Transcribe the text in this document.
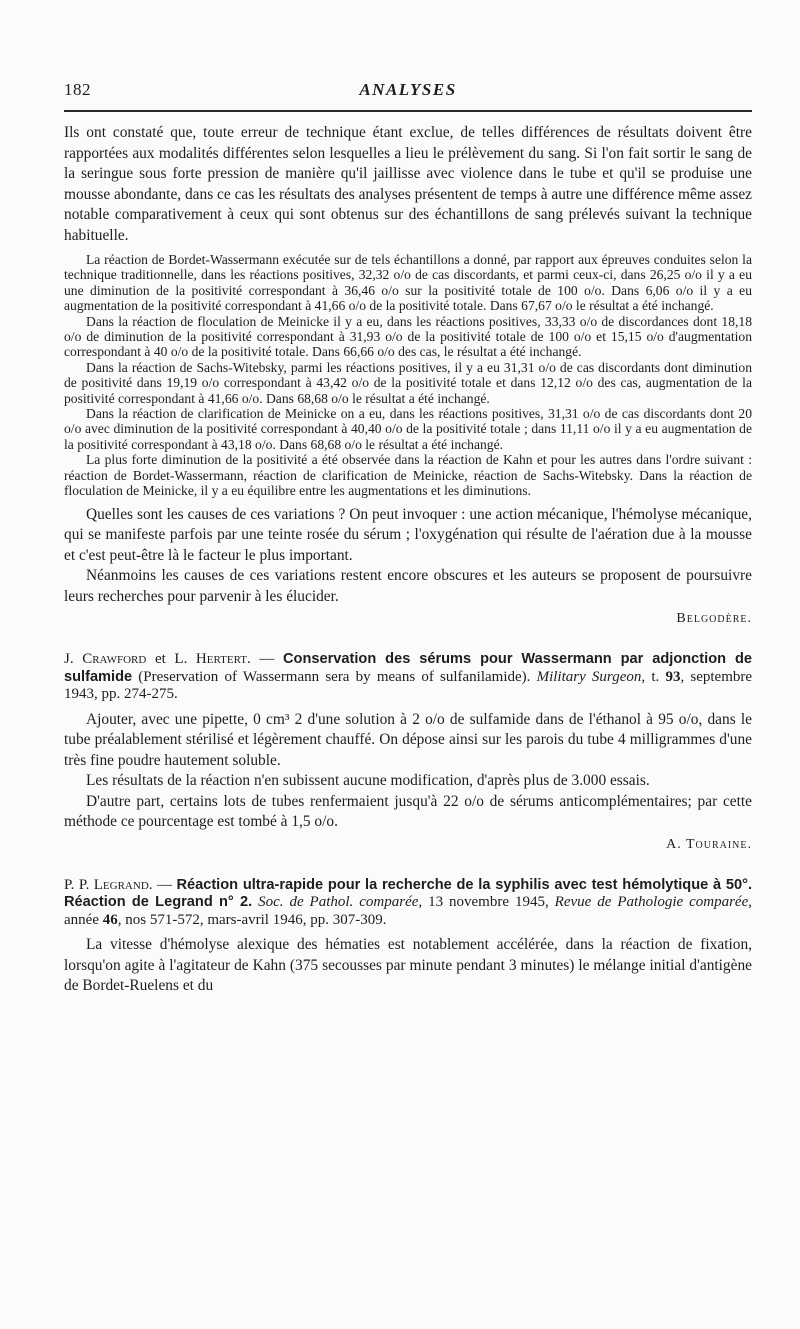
182	ANALYSES

Ils ont constaté que, toute erreur de technique étant exclue, de telles différences de résultats doivent être rapportées aux modalités différentes selon lesquelles a lieu le prélèvement du sang. Si l'on fait sortir le sang de la seringue sous forte pression de manière qu'il jaillisse avec violence dans le tube et qu'il se produise une mousse abondante, dans ce cas les résultats des analyses présentent de temps à autre une différence même assez notable comparativement à ceux qui sont obtenus sur des échantillons de sang prélevés suivant la technique habituelle.

La réaction de Bordet-Wassermann exécutée sur de tels échantillons a donné, par rapport aux épreuves conduites selon la technique traditionnelle, dans les réactions positives, 32,32 o/o de cas discordants, et parmi ceux-ci, dans 26,25 o/o il y a eu une diminution de la positivité correspondant à 36,46 o/o sur la positivité totale de 100 o/o. Dans 6,06 o/o il y a eu augmentation de la positivité correspondant à 41,66 o/o de la positivité totale. Dans 67,67 o/o le résultat a été inchangé.

Dans la réaction de floculation de Meinicke il y a eu, dans les réactions positives, 33,33 o/o de discordances dont 18,18 o/o de diminution de la positivité correspondant à 31,93 o/o de la positivité totale de 100 o/o et 15,15 o/o d'augmentation correspondant à 40 o/o de la positivité totale. Dans 66,66 o/o des cas, le résultat a été inchangé.

Dans la réaction de Sachs-Witebsky, parmi les réactions positives, il y a eu 31,31 o/o de cas discordants dont diminution de positivité dans 19,19 o/o correspondant à 43,42 o/o de la positivité totale et dans 12,12 o/o des cas, augmentation de la positivité correspondant à 41,66 o/o. Dans 68,68 o/o le résultat a été inchangé.

Dans la réaction de clarification de Meinicke on a eu, dans les réactions positives, 31,31 o/o de cas discordants dont 20 o/o avec diminution de la positivité correspondant à 40,40 o/o de la positivité totale ; dans 11,11 o/o il y a eu augmentation de la positivité correspondant à 43,18 o/o. Dans 68,68 o/o le résultat a été inchangé.

La plus forte diminution de la positivité a été observée dans la réaction de Kahn et pour les autres dans l'ordre suivant : réaction de Bordet-Wassermann, réaction de clarification de Meinicke, réaction de Sachs-Witebsky. Dans la réaction de floculation de Meinicke, il y a eu équilibre entre les augmentations et les diminutions.

Quelles sont les causes de ces variations ? On peut invoquer : une action mécanique, l'hémolyse mécanique, qui se manifeste parfois par une teinte rosée du sérum ; l'oxygénation qui résulte de l'aération due à la mousse et c'est peut-être là le facteur le plus important.

Néanmoins les causes de ces variations restent encore obscures et les auteurs se proposent de poursuivre leurs recherches pour parvenir à les élucider.

Belgodère.

J. Crawford et L. Hertert. — Conservation des sérums pour Wassermann par adjonction de sulfamide (Preservation of Wassermann sera by means of sulfanilamide). Military Surgeon, t. 93, septembre 1943, pp. 274-275.

Ajouter, avec une pipette, 0 cm³ 2 d'une solution à 2 o/o de sulfamide dans de l'éthanol à 95 o/o, dans le tube préalablement stérilisé et légèrement chauffé. On dépose ainsi sur les parois du tube 4 milligrammes d'une très fine poudre hautement soluble.

Les résultats de la réaction n'en subissent aucune modification, d'après plus de 3.000 essais.

D'autre part, certains lots de tubes renfermaient jusqu'à 22 o/o de sérums anticomplémentaires; par cette méthode ce pourcentage est tombé à 1,5 o/o.

A. Touraine.

P. P. Legrand. — Réaction ultra-rapide pour la recherche de la syphilis avec test hémolytique à 50°. Réaction de Legrand n° 2. Soc. de Pathol. comparée, 13 novembre 1945, Revue de Pathologie comparée, année 46, nos 571-572, mars-avril 1946, pp. 307-309.

La vitesse d'hémolyse alexique des hématies est notablement accélérée, dans la réaction de fixation, lorsqu'on agite à l'agitateur de Kahn (375 secousses par minute pendant 3 minutes) le mélange initial d'antigène de Bordet-Ruelens et du
